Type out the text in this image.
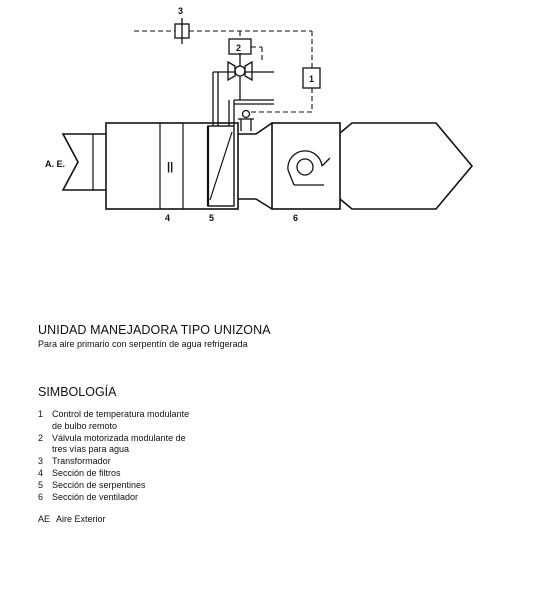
A. E.
3
2
1
||
4	5	6
UNIDAD MANEJADORA TIPO UNIZONA
Para aire primario con serpentín de agua refrigerada
SIMBOLOGÍA
1 Control de temperatura modulante
de bulbo remoto
2 Válvula motorizada modulante de
tres vías para agua
3 Transformador
4 Sección de filtros
5 Sección de serpentines
6 Sección de ventilador
AE Aire Exterior
